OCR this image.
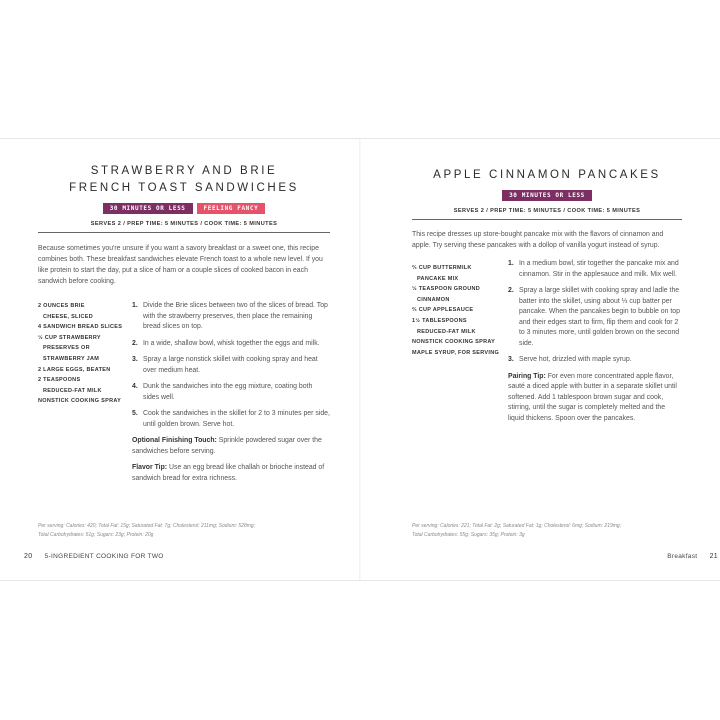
STRAWBERRY AND BRIE
FRENCH TOAST SANDWICHES
30 MINUTES OR LESS	FEELING FANCY
SERVES 2 / PREP TIME: 5 MINUTES / COOK TIME: 5 MINUTES

Because sometimes you're unsure if you want a savory breakfast or a sweet one, this recipe combines both. These breakfast sandwiches elevate French toast to a whole new level. If you like protein to start the day, put a slice of ham or a couple slices of cooked bacon in each sandwich before cooking.

2 OUNCES BRIE
CHEESE, SLICED
4 SANDWICH BREAD SLICES
½ CUP STRAWBERRY
PRESERVES OR
STRAWBERRY JAM
2 LARGE EGGS, BEATEN
2 TEASPOONS
REDUCED-FAT MILK
NONSTICK COOKING SPRAY
1. Divide the Brie slices between two of the slices of bread. Top with the strawberry preserves, then place the remaining bread slices on top.
2. In a wide, shallow bowl, whisk together the eggs and milk.
3. Spray a large nonstick skillet with cooking spray and heat over medium heat.
4. Dunk the sandwiches into the egg mixture, coating both sides well.
5. Cook the sandwiches in the skillet for 2 to 3 minutes per side, until golden brown. Serve hot.

Optional Finishing Touch: Sprinkle powdered sugar over the sandwiches before serving.

Flavor Tip: Use an egg bread like challah or brioche instead of sandwich bread for extra richness.

Per serving: Calories: 420; Total Fat: 15g; Saturated Fat: 7g; Cholesterol: 211mg; Sodium: 528mg;
Total Carbohydrates: 51g; Sugars: 23g; Protein: 20g
20 5-INGREDIENT COOKING FOR TWO
APPLE CINNAMON PANCAKES
30 MINUTES OR LESS
SERVES 2 / PREP TIME: 5 MINUTES / COOK TIME: 5 MINUTES

This recipe dresses up store-bought pancake mix with the flavors of cinnamon and apple. Try serving these pancakes with a dollop of vanilla yogurt instead of syrup.

⅔ CUP BUTTERMILK
PANCAKE MIX
½ TEASPOON GROUND
CINNAMON
⅔ CUP APPLESAUCE
1½ TABLESPOONS
REDUCED-FAT MILK
NONSTICK COOKING SPRAY
MAPLE SYRUP, FOR SERVING
1. In a medium bowl, stir together the pancake mix and cinnamon. Stir in the applesauce and milk. Mix well.
2. Spray a large skillet with cooking spray and ladle the batter into the skillet, using about ⅓ cup batter per pancake. When the pancakes begin to bubble on top and their edges start to firm, flip them and cook for 2 to 3 minutes more, until golden brown on the second side.
3. Serve hot, drizzled with maple syrup.

Pairing Tip: For even more concentrated apple flavor, sauté a diced apple with butter in a separate skillet until softened. Add 1 tablespoon brown sugar and cook, stirring, until the sugar is completely melted and the liquid thickens. Spoon over the pancakes.

Per serving: Calories: 221; Total Fat: 2g; Saturated Fat: 1g; Cholesterol: 6mg; Sodium: 219mg;
Total Carbohydrates: 55g; Sugars: 35g; Protein: 3g
Breakfast 21
